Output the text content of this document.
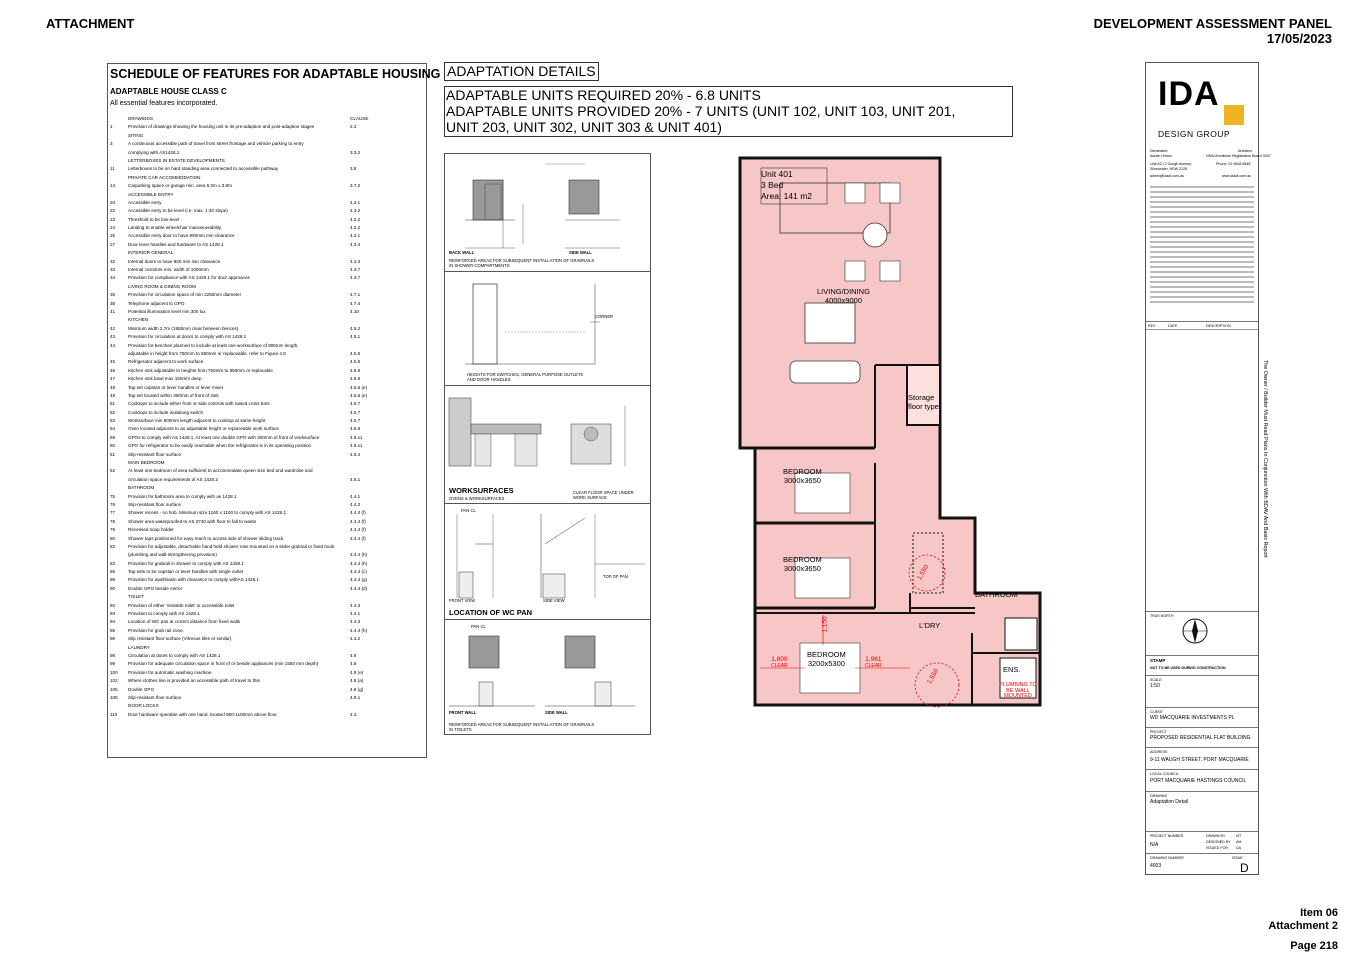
ATTACHMENT	DEVELOPMENT ASSESSMENT PANEL
17/05/2023
SCHEDULE OF FEATURES FOR ADAPTABLE HOUSING
ADAPTABLE HOUSE CLASS C
All essential features incorporated.
DRAWINGS	CLAUSE
1	Provision of drawings showing the housing unit in its pre-adaption and post-adaption stages	2.3
SITING
3	A continuous accessible path of travel from street frontage and vehicle parking to entry
complying with AS1428.1	3.3.2
LETTERBOXES IN ESTATE DEVELOPMENTS
11	Letterboxes to be on hard standing area connected to accessible pathway	3.8
PRIVATE CAR ACCOMMODATION
14	Carparking space or garage min. area 6.0m x 3.8m	3.7.2
ACCESSIBLE ENTRY
20	Accessible entry	4.3.1
22	Accessible entry to be level (i.e. max. 1:40 slope)	4.3.2
23	Threshold to be low-level	4.3.2
24	Landing to enable wheelchair manoeuvrability	4.3.2
25	Accessible entry door to have 850mm min clearance	4.3.1
27	Door lever handles and hardware to AS 1428.1	4.3.4
INTERIOR GENERAL
32	Internal doors to have 820 mm min clearance	4.3.3
33	Internal corridors min. width of 1000mm	4.3.7
34	Provision for compliance with AS 1428.1 for door approaces	4.3.7
LIVING ROOM & DINING ROOM
36	Provision for circulation space of min 2250mm diameter	4.7.1
38	Telephone adjacent to GPO	4.7.4
41	Potential illumination level min 300 lux	4.10
KITCHEN
42	Minimum width 2.7m (1550mm clear between bences)	4.5.2
43	Provision for circulation at doors to comply with AS 1428.1	4.5.1
44	Provision for benches planned to include at least one worksurface of 800mm length,
adjustable in height from 750mm to 850mm or replaceable. refer to Figure 4.8	4.5.5
45	Refrigerator adjacent to work surface	4.5.5
46	Kitchen sink adjustable to heights from 750mm to 850mm or replacable	4.5.6
47	Kitchen sink bowl max 150mm deep	4.5.6
48	Tap set capstan or lever handles or lever mixer	4.5.6 (e)
49	Tap set located within 300mm of front of sink	4.5.6 (e)
51	Cooktops to include either front or side controls with raised cross bars	4.5.7
52	Cooktops to include isolationg switch	4.5.7
53	Worksurface min 800mm length adjacent to cooktop at same height	4.5.7
54	Oven located adjacent to an adjustable height or replaceable work surface	4.5.8
59	GPOs to comply with AS 1428.1. At least one double GPO with 300mm of front of worksurface	4.5.11
60	GPO for refrigerator to be easily reachable when the refrigerator is in its operating position	4.5.11
61	Slip-resistant floor surface	4.5.4
MAIN BEDROOM
62	At least one bedroom of area sufficient to accommodate queen size bed and wardrobe and
circulation space requirements of AS 1428.2	4.6.1
BATHROOM
75	Provision for bathroom area to comply with as 1428.1	4.4.1
76	Slip-resistant floor surface	4.4.2
77	Shower recess - no hob. Minimum size 1160 x 1100 to comply with AS 1428.1.	4.4.4 (f)
78	Shower area waterproofed to AS 3740 with floor to fall to waste	4.4.4 (f)
79	Recessed soap holder	4.4.4 (f)
80	Shower taps positioned for easy reach to access side of shower sliding track	4.4.4 (f)
82	Provision for adjustable, detachable hand held shower rose mounted on a slider grabrail or fixed hook
(plumbing and wall-strengthening provision)	4.4.4 (h)
83	Provision for grabrail in shower to comply with AS 1428.1	4.4.4 (h)
86	Tap sets to be capstan or lever handles with single outlet	4.4.4 (c)
88	Provision for washbasin with clearance to comply withAS 1428.1	4.4.4 (g)
90	Double GPO beside mirror	4.4.4 (d)
TOILET
92	Provision of either 'visitable toilet' or accessible toilet	4.4.3
93	Provision to comply with AS 1428.1	4.4.1
94	Location of WC pan at correct distance from fixed walls	4.4.3
95	Provision for grab rail zone.	4.4.4 (h)
96	Slip resistant floor surface (Vitreous tiles or similar).	4.4.2
LAUNDRY
98	Circulation at doors to comply with AS 1428.1	4.8
99	Provision for adequate circulation space in front of or beside appliances (min 1550 mm depth)	4.8
100 Provision for automatic washing machine	4.8 (e)
102 Where clothes line is provided an accessible path of travel to this	4.8 (a)
105 Double GPO	4.8 (g)
108 Slip-resistant floor surface	4.9.1
DOOR LOCKS
110 Door hardware operable with one hand, located 900-1100mm above floor.	4.3.
ADAPTATION DETAILS
ADAPTABLE UNITS REQUIRED 20% - 6.8 UNITS
ADAPTABLE UNITS PROVIDED 20% - 7 UNITS (UNIT 102, UNIT 103, UNIT 201,
UNIT 203, UNIT 302, UNIT 303 & UNIT 401)
BACK WALL	SIDE WALL
REINFORCED AREAS FOR SUBSEQUENT INSTALLATION OF GRABRAILS IN SHOWER COMPARTMENTS
CORNER
HEIGHTS FOR SWITCHES, GENERAL PURPOSE OUTLETS AND DOOR HANDLES
WORKSURFACES
OVENS & WORKSURFACES
CLEAR FLOOR SPACE UNDER WORK SURFACE
PAN CL
FRONT VIEW	SIDE VIEW
TOP OF PAN
LOCATION OF WC PAN
PAN CL
FRONT WALL	SIDE WALL
REINFORCED AREAS FOR SUBSEQUENT INSTALLATION OF GRABRAILS IN TOILETS
Unit 401
3 Bed
Area: 141 m2
LIVING/DINING
4000x9000
Storage
floor type
BEDROOM
3000x3650
BEDROOM
3000x3650
BEDROOM
3200x5300
BATHROOM
L'DRY
ENS.
PLUMBING TO BE WALL MOUNTED
1,800
CLEAR
1,961
CLEAR
1,150
1,550
1,550
The Owner / Builder Must Read Plans In Conjunction With BDAV And Basix Report
IDA
DESIGN GROUP
Nominated	Architect
Adrian Hinton	NSW Architects Registration Board 3347
Unit A3 / 2 Gough Avenue,	Phone: 02 9648 8848
Silverwater, NSW 2128
admin@idadt.com.au	www.idadt.com.au
REV	DATE	DESCRIPTION
TRUE NORTH
STAMP
NOT TO BE USED DURING CONSTRUCTION
SCALE
1:50
CLIENT
WD MACQUARIE INVESTMENTS PL
PROJECT
PROPOSED RESIDENTIAL FLAT BUILDING
ADDRESS
9-11 WAUGH STREET, PORT MACQUARIE
LOCAL COUNCIL
PORT MACQUARIE HASTINGS COUNCIL
DRAWING
Adaptation Detail
PROJECT NUMBER
N/A
DRAWN BY	MT
DESIGNED BY AM
ISSUED FOR DA
DRAWING NUMBER
4003
ISSUE
D
Item 06
Attachment 2
Page 218
